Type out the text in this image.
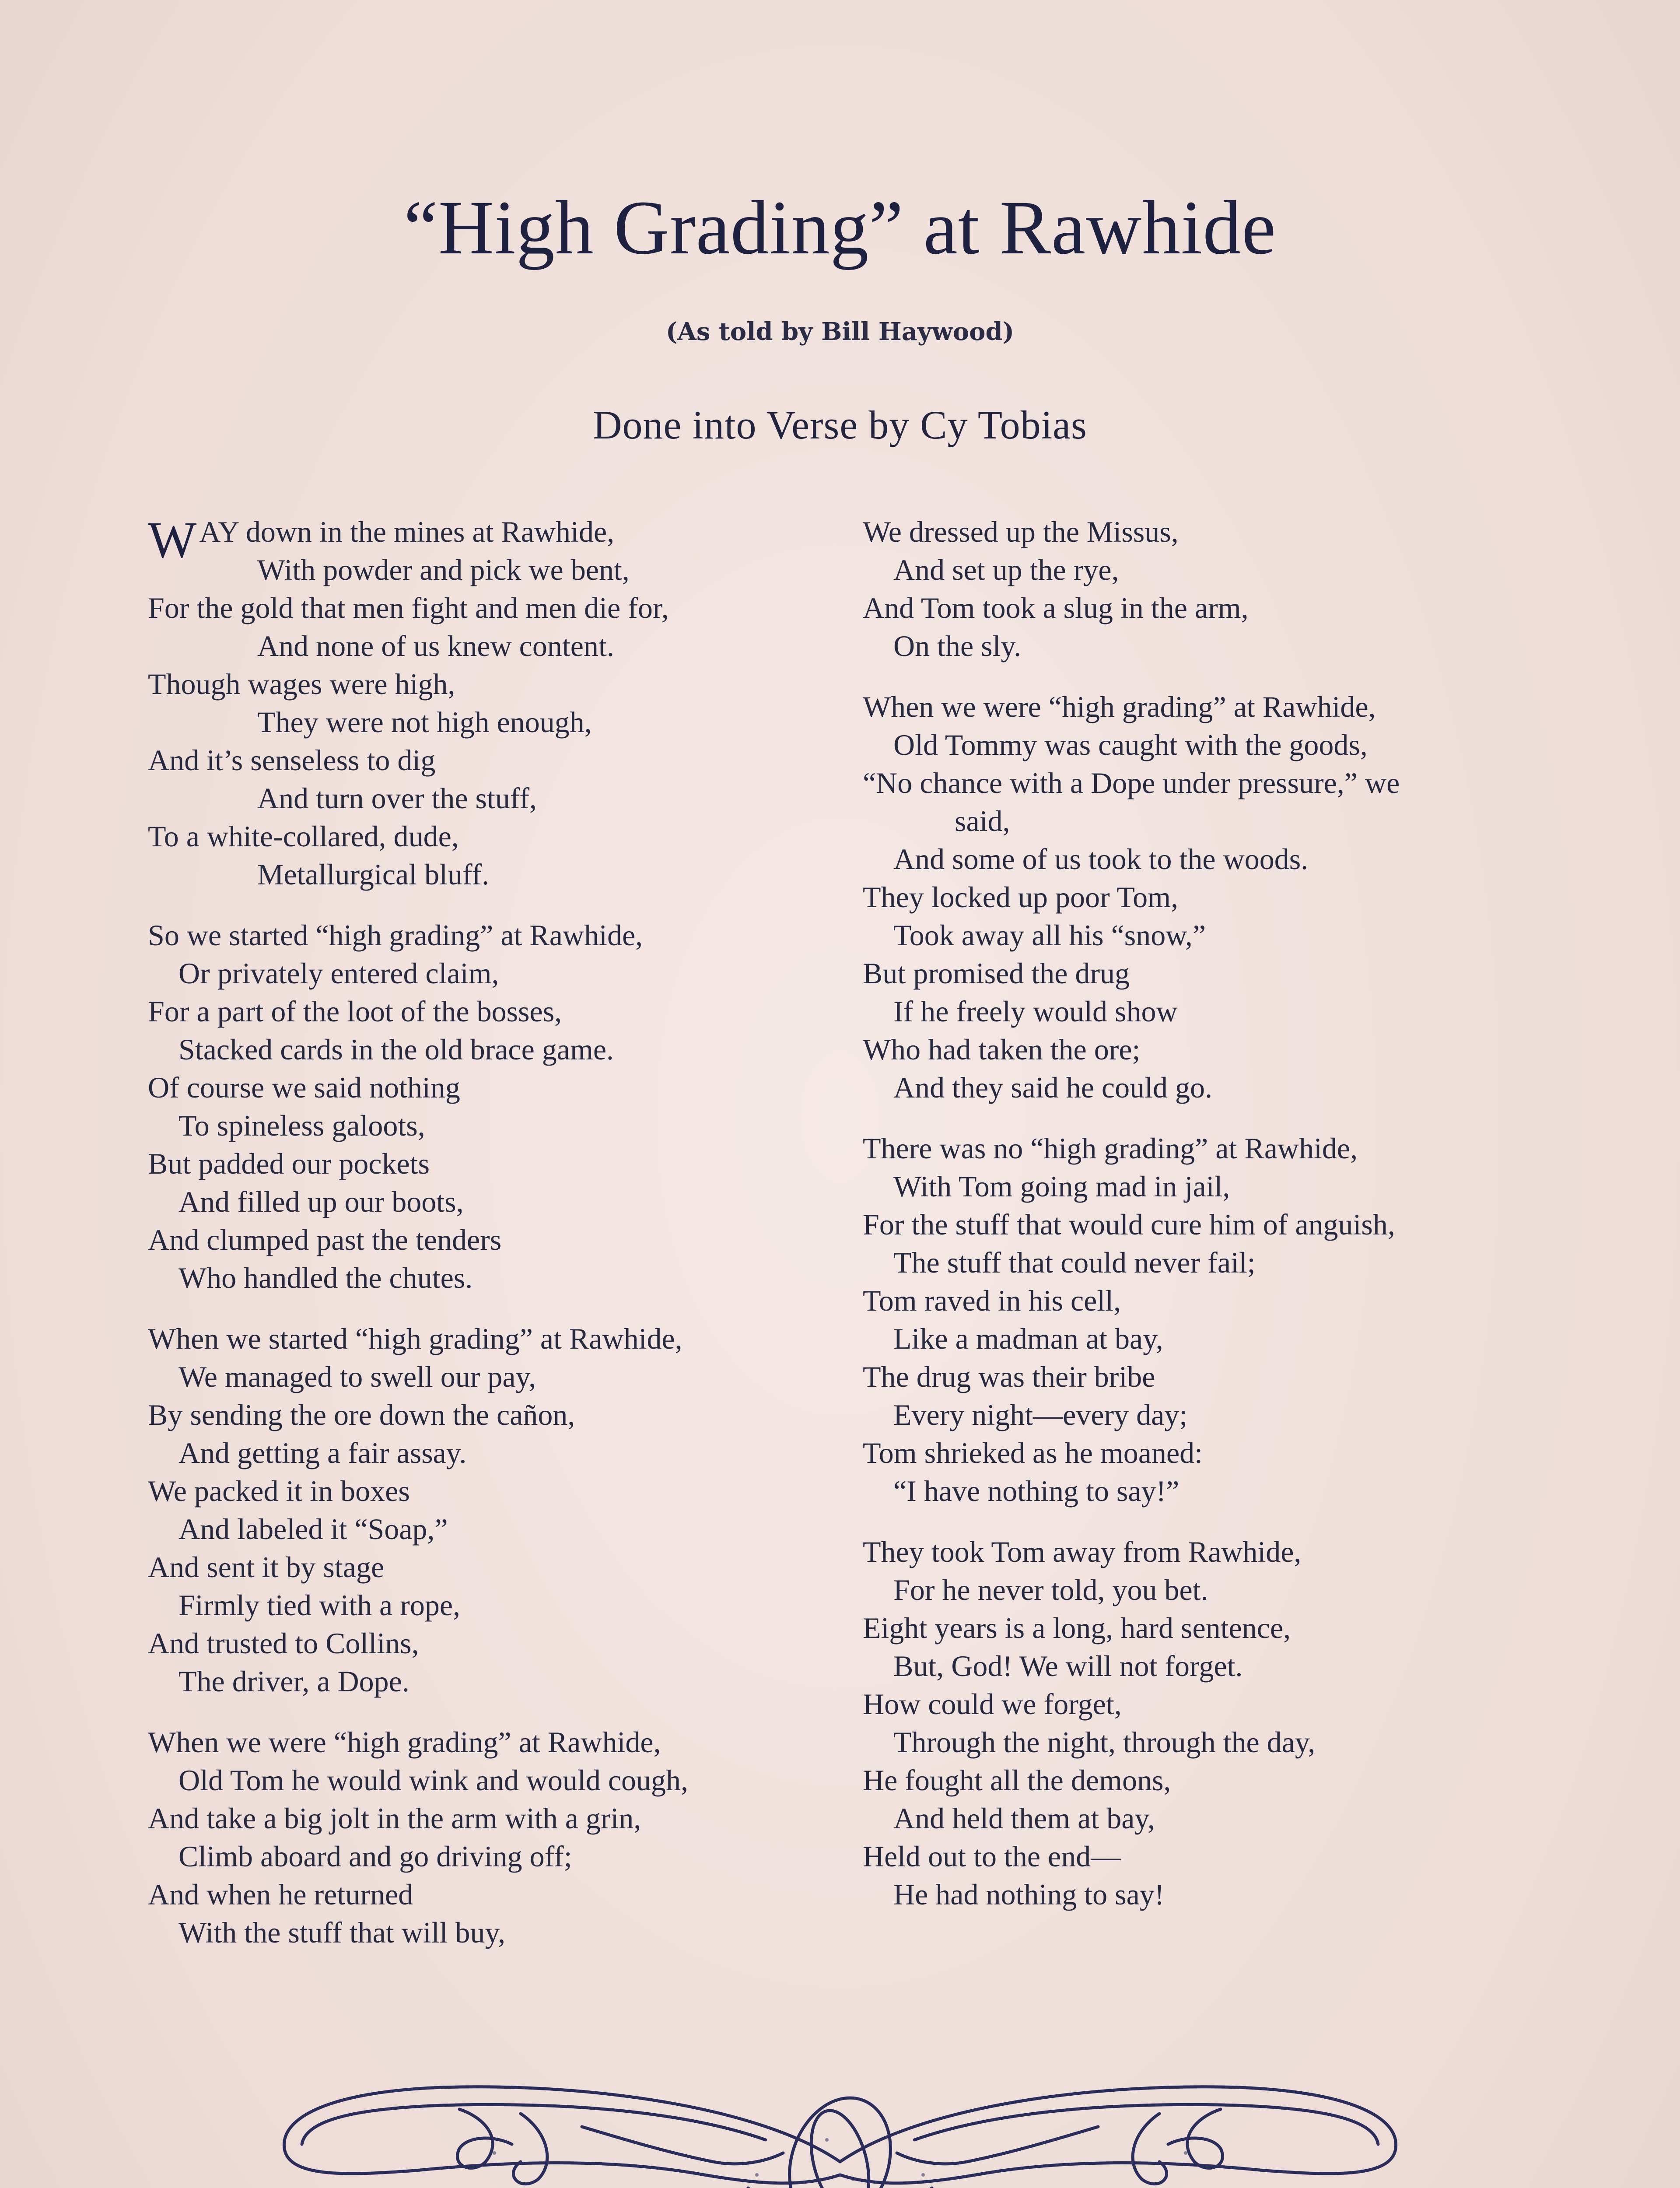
“High Grading” at Rawhide

(As told by Bill Haywood)

Done into Verse by Cy Tobias

WAY down in the mines at Rawhide,
With powder and pick we bent,
For the gold that men fight and men die for,
And none of us knew content.
Though wages were high,
They were not high enough,
And it’s senseless to dig
And turn over the stuff,
To a white-collared, dude,
Metallurgical bluff.
So we started “high grading” at Rawhide,
Or privately entered claim,
For a part of the loot of the bosses,
Stacked cards in the old brace game.
Of course we said nothing
To spineless galoots,
But padded our pockets
And filled up our boots,
And clumped past the tenders
Who handled the chutes.
When we started “high grading” at Rawhide,
We managed to swell our pay,
By sending the ore down the cañon,
And getting a fair assay.
We packed it in boxes
And labeled it “Soap,”
And sent it by stage
Firmly tied with a rope,
And trusted to Collins,
The driver, a Dope.
When we were “high grading” at Rawhide,
Old Tom he would wink and would cough,
And take a big jolt in the arm with a grin,
Climb aboard and go driving off;
And when he returned
With the stuff that will buy,
We dressed up the Missus,
And set up the rye,
And Tom took a slug in the arm,
On the sly.
When we were “high grading” at Rawhide,
Old Tommy was caught with the goods,
“No chance with a Dope under pressure,” we
said,
And some of us took to the woods.
They locked up poor Tom,
Took away all his “snow,”
But promised the drug
If he freely would show
Who had taken the ore;
And they said he could go.
There was no “high grading” at Rawhide,
With Tom going mad in jail,
For the stuff that would cure him of anguish,
The stuff that could never fail;
Tom raved in his cell,
Like a madman at bay,
The drug was their bribe
Every night—every day;
Tom shrieked as he moaned:
“I have nothing to say!”
They took Tom away from Rawhide,
For he never told, you bet.
Eight years is a long, hard sentence,
But, God! We will not forget.
How could we forget,
Through the night, through the day,
He fought all the demons,
And held them at bay,
Held out to the end—
He had nothing to say!
